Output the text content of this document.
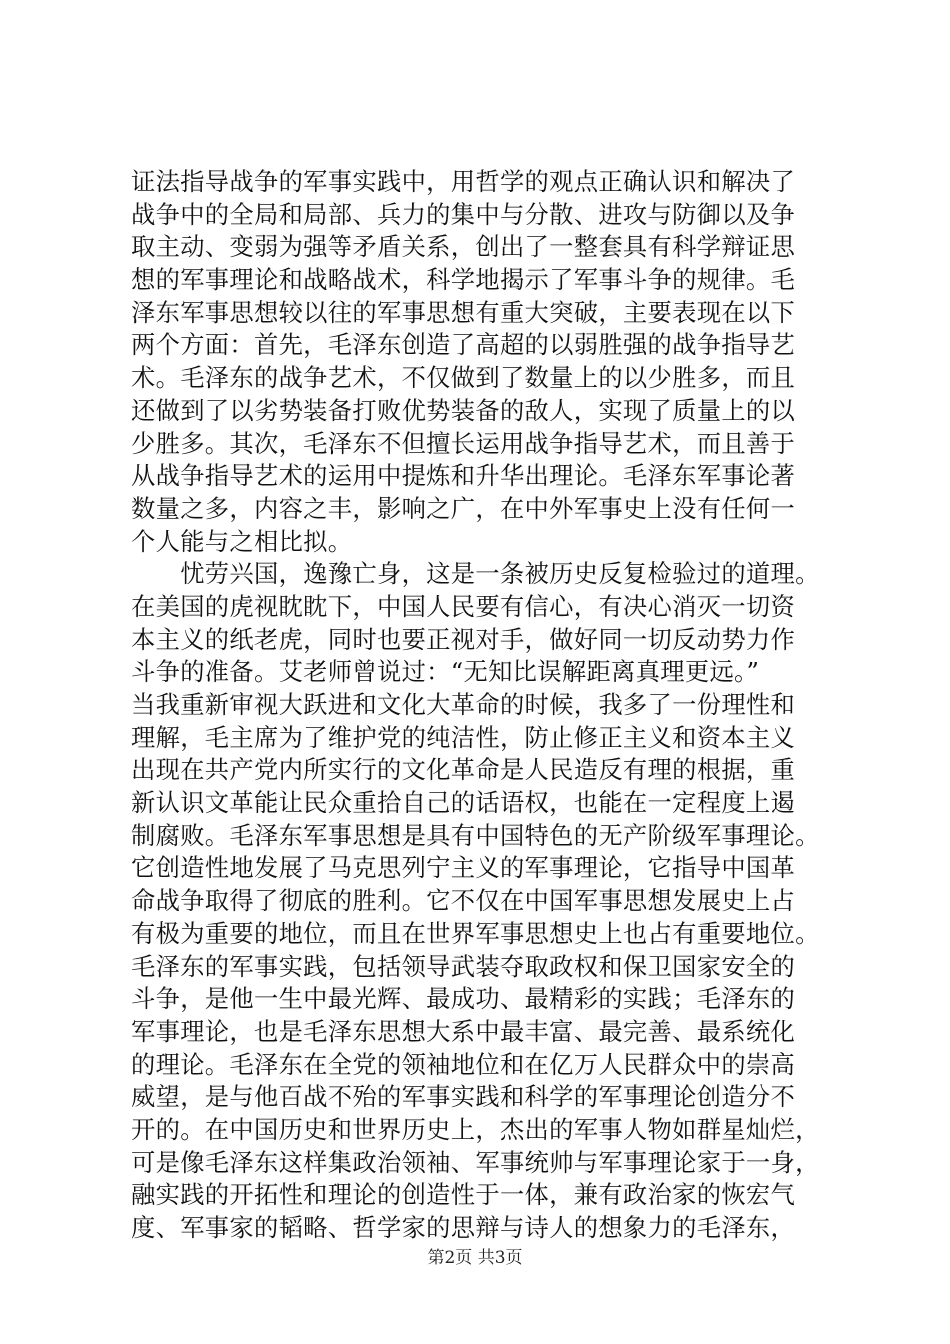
证法指导战争的军事实践中，用哲学的观点正确认识和解决了
战争中的全局和局部、兵力的集中与分散、进攻与防御以及争
取主动、变弱为强等矛盾关系，创出了一整套具有科学辩证思
想的军事理论和战略战术，科学地揭示了军事斗争的规律。毛
泽东军事思想较以往的军事思想有重大突破，主要表现在以下
两个方面：首先，毛泽东创造了高超的以弱胜强的战争指导艺
术。毛泽东的战争艺术，不仅做到了数量上的以少胜多，而且
还做到了以劣势装备打败优势装备的敌人，实现了质量上的以
少胜多。其次，毛泽东不但擅长运用战争指导艺术，而且善于
从战争指导艺术的运用中提炼和升华出理论。毛泽东军事论著
数量之多，内容之丰，影响之广，在中外军事史上没有任何一
个人能与之相比拟。
　　忧劳兴国，逸豫亡身，这是一条被历史反复检验过的道理。
在美国的虎视眈眈下，中国人民要有信心，有决心消灭一切资
本主义的纸老虎，同时也要正视对手，做好同一切反动势力作
斗争的准备。艾老师曾说过：“无知比误解距离真理更远。”
当我重新审视大跃进和文化大革命的时候，我多了一份理性和
理解，毛主席为了维护党的纯洁性，防止修正主义和资本主义
出现在共产党内所实行的文化革命是人民造反有理的根据，重
新认识文革能让民众重拾自己的话语权，也能在一定程度上遏
制腐败。毛泽东军事思想是具有中国特色的无产阶级军事理论。
它创造性地发展了马克思列宁主义的军事理论，它指导中国革
命战争取得了彻底的胜利。它不仅在中国军事思想发展史上占
有极为重要的地位，而且在世界军事思想史上也占有重要地位。
毛泽东的军事实践，包括领导武装夺取政权和保卫国家安全的
斗争，是他一生中最光辉、最成功、最精彩的实践；毛泽东的
军事理论，也是毛泽东思想大系中最丰富、最完善、最系统化
的理论。毛泽东在全党的领袖地位和在亿万人民群众中的崇高
威望，是与他百战不殆的军事实践和科学的军事理论创造分不
开的。在中国历史和世界历史上，杰出的军事人物如群星灿烂，
可是像毛泽东这样集政治领袖、军事统帅与军事理论家于一身，
融实践的开拓性和理论的创造性于一体，兼有政治家的恢宏气
度、军事家的韬略、哲学家的思辩与诗人的想象力的毛泽东，
第2页 共3页
